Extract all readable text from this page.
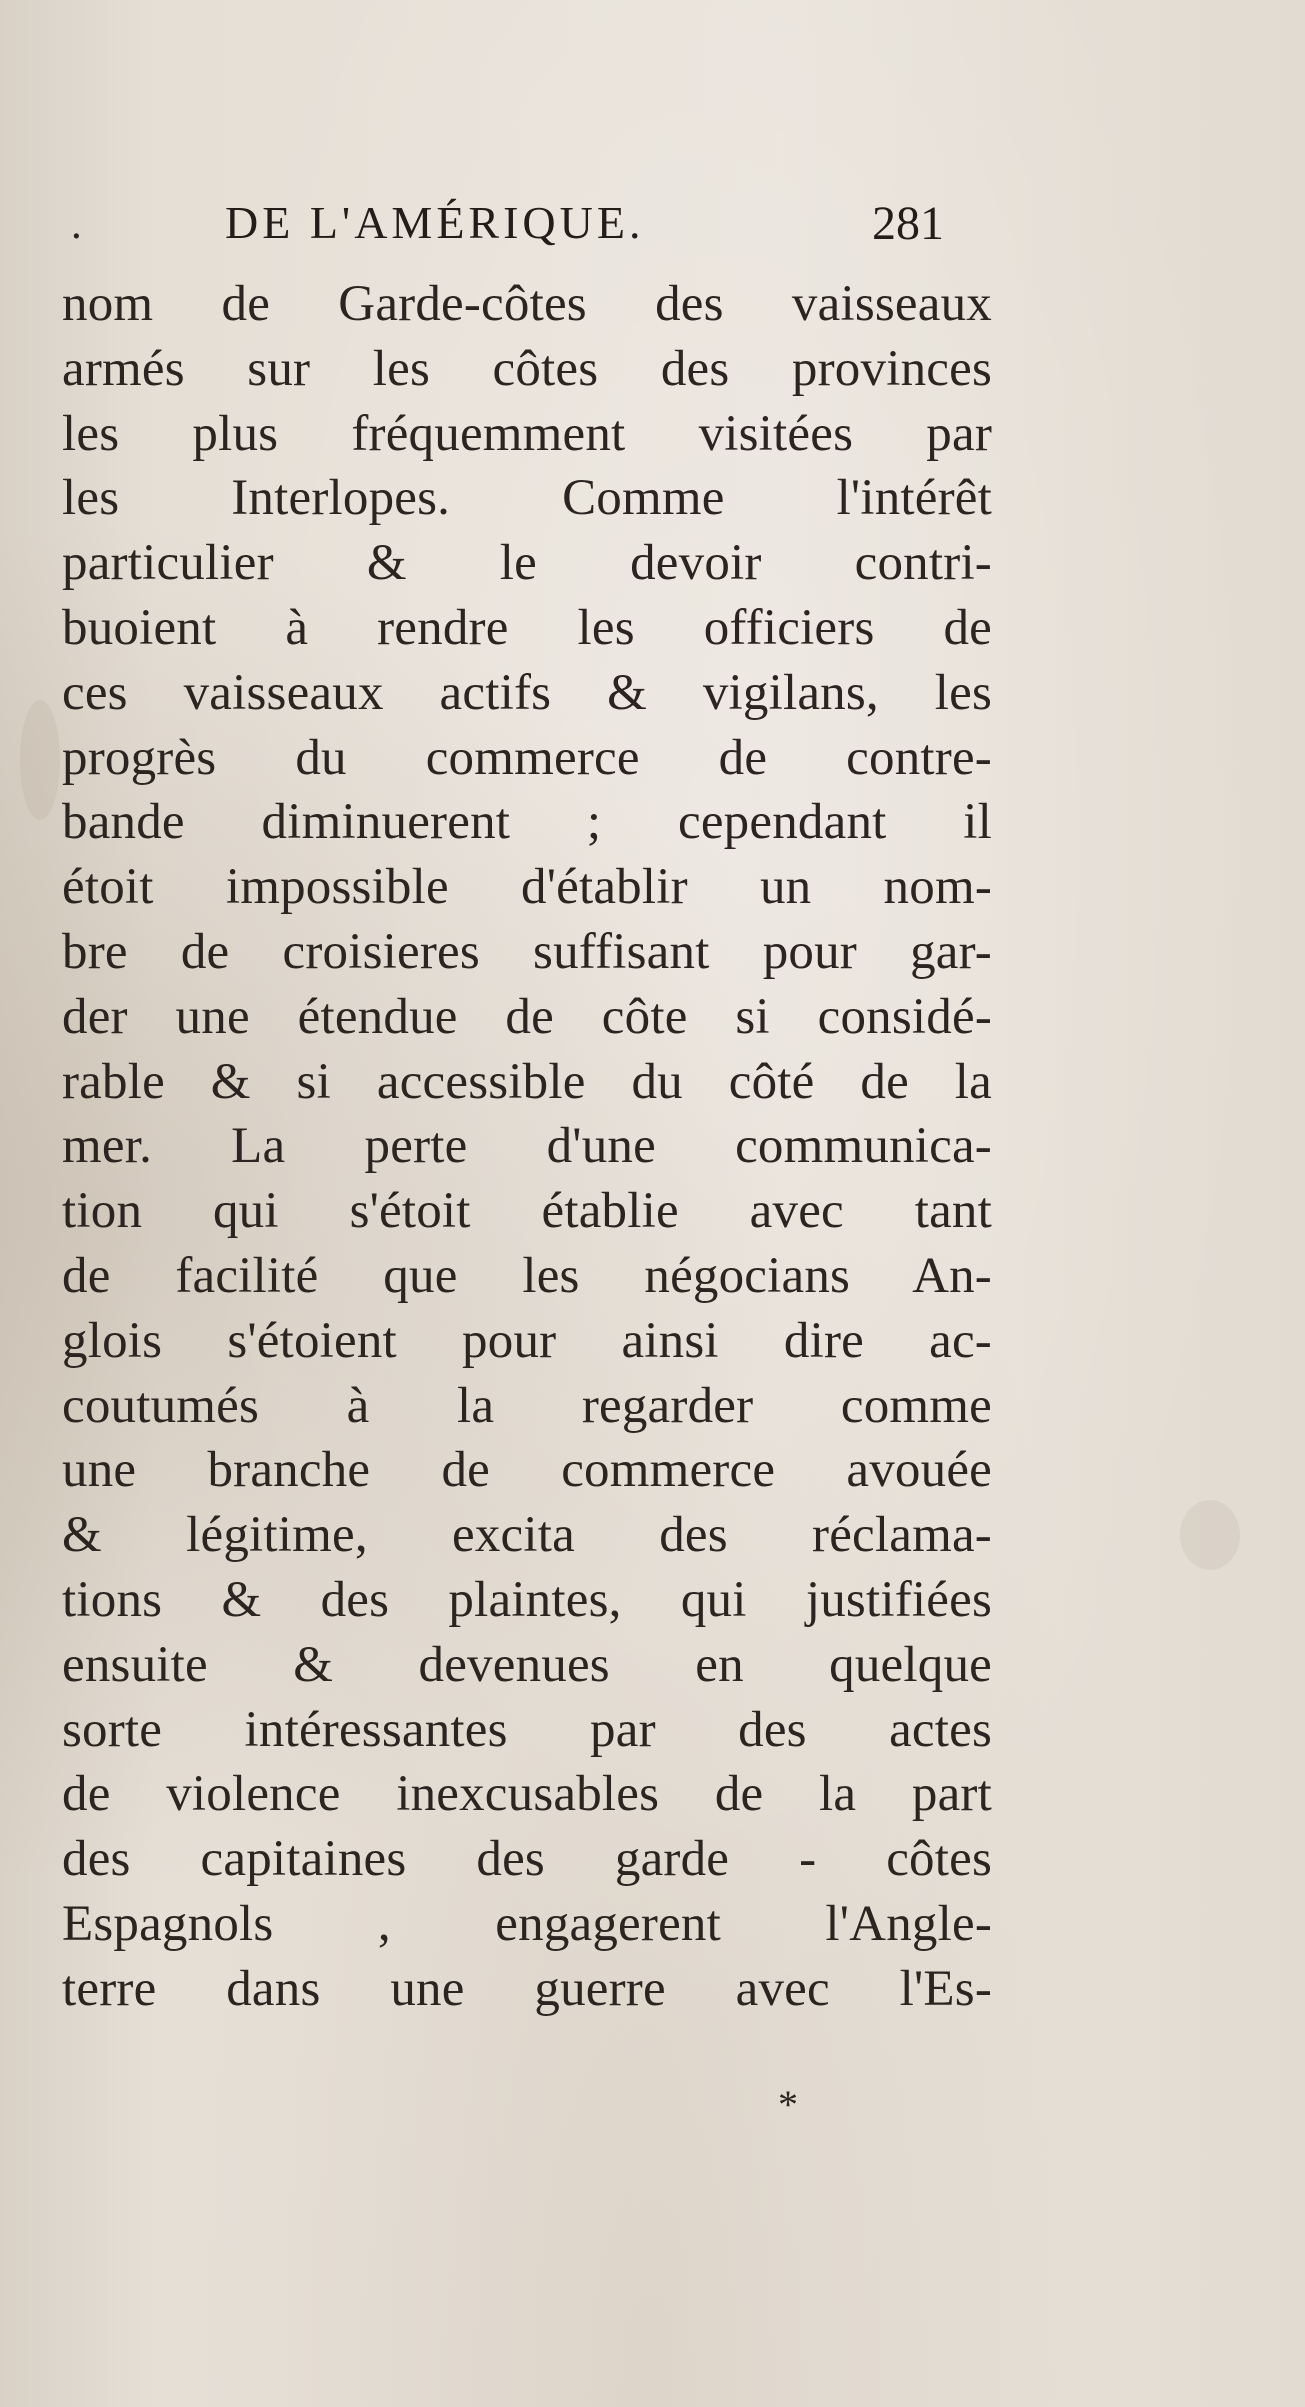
.	DE L'AMÉRIQUE.	281
nom de Garde-côtes des vaisseaux
armés sur les côtes des provinces
les plus fréquemment visitées par
les Interlopes. Comme l'intérêt
particulier & le devoir contri-
buoient à rendre les officiers de
ces vaisseaux actifs & vigilans, les
progrès du commerce de contre-
bande diminuerent ; cependant il
étoit impossible d'établir un nom-
bre de croisieres suffisant pour gar-
der une étendue de côte si considé-
rable & si accessible du côté de la
mer. La perte d'une communica-
tion qui s'étoit établie avec tant
de facilité que les négocians An-
glois s'étoient pour ainsi dire ac-
coutumés à la regarder comme
une branche de commerce avouée
& légitime, excita des réclama-
tions & des plaintes, qui justifiées
ensuite & devenues en quelque
sorte intéressantes par des actes
de violence inexcusables de la part
des capitaines des garde - côtes
Espagnols , engagerent l'Angle-
terre dans une guerre avec l'Es-
*
